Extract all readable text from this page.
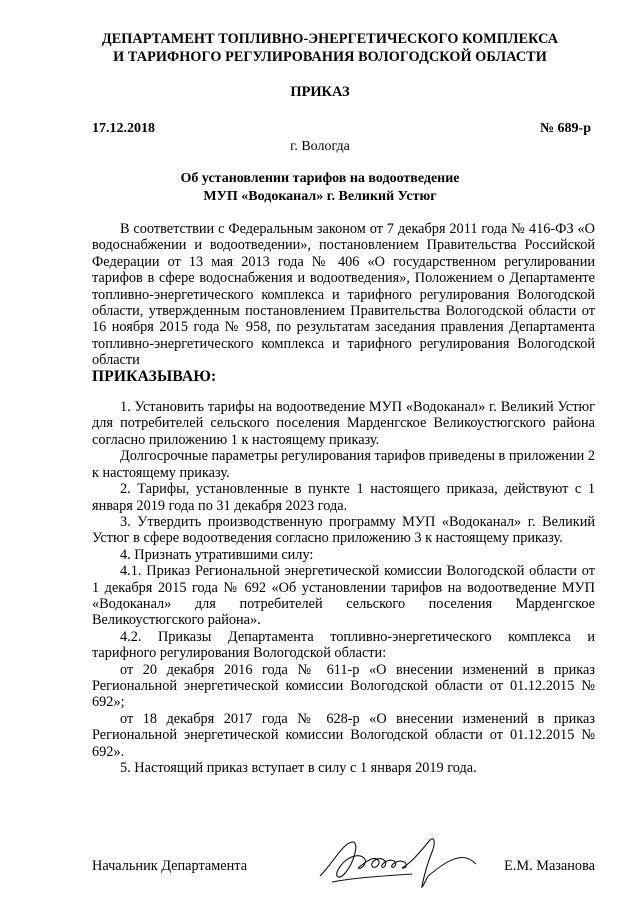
ДЕПАРТАМЕНТ ТОПЛИВНО-ЭНЕРГЕТИЧЕСКОГО КОМПЛЕКСА
И ТАРИФНОГО РЕГУЛИРОВАНИЯ ВОЛОГОДСКОЙ ОБЛАСТИ
ПРИКАЗ
17.12.2018	№ 689-р
г. Вологда
Об установлении тарифов на водоотведение
МУП «Водоканал» г. Великий Устюг

В соответствии с Федеральным законом от 7 декабря 2011 года № 416-ФЗ «О водоснабжении и водоотведении», постановлением Правительства Российской Федерации от 13 мая 2013 года № 406 «О государственном регулировании тарифов в сфере водоснабжения и водоотведения», Положением о Департаменте топливно-энергетического комплекса и тарифного регулирования Вологодской области, утвержденным постановлением Правительства Вологодской области от 16 ноября 2015 года № 958, по результатам заседания правления Департамента топливно-энергетического комплекса и тарифного регулирования Вологодской области

ПРИКАЗЫВАЮ:

1. Установить тарифы на водоотведение МУП «Водоканал» г. Великий Устюг для потребителей сельского поселения Марденгское Великоустюгского района согласно приложению 1 к настоящему приказу.

Долгосрочные параметры регулирования тарифов приведены в приложении 2 к настоящему приказу.

2. Тарифы, установленные в пункте 1 настоящего приказа, действуют с 1 января 2019 года по 31 декабря 2023 года.

3. Утвердить производственную программу МУП «Водоканал» г. Великий Устюг в сфере водоотведения согласно приложению 3 к настоящему приказу.

4. Признать утратившими силу:

4.1. Приказ Региональной энергетической комиссии Вологодской области от 1 декабря 2015 года № 692 «Об установлении тарифов на водоотведение МУП «Водоканал» для потребителей сельского поселения Марденгское Великоустюгского района».

4.2. Приказы Департамента топливно-энергетического комплекса и тарифного регулирования Вологодской области:

от 20 декабря 2016 года № 611-р «О внесении изменений в приказ Региональной энергетической комиссии Вологодской области от 01.12.2015 № 692»;

от 18 декабря 2017 года № 628-р «О внесении изменений в приказ Региональной энергетической комиссии Вологодской области от 01.12.2015 № 692».

5. Настоящий приказ вступает в силу с 1 января 2019 года.

Начальник Департамента	Е.М. Мазанова
